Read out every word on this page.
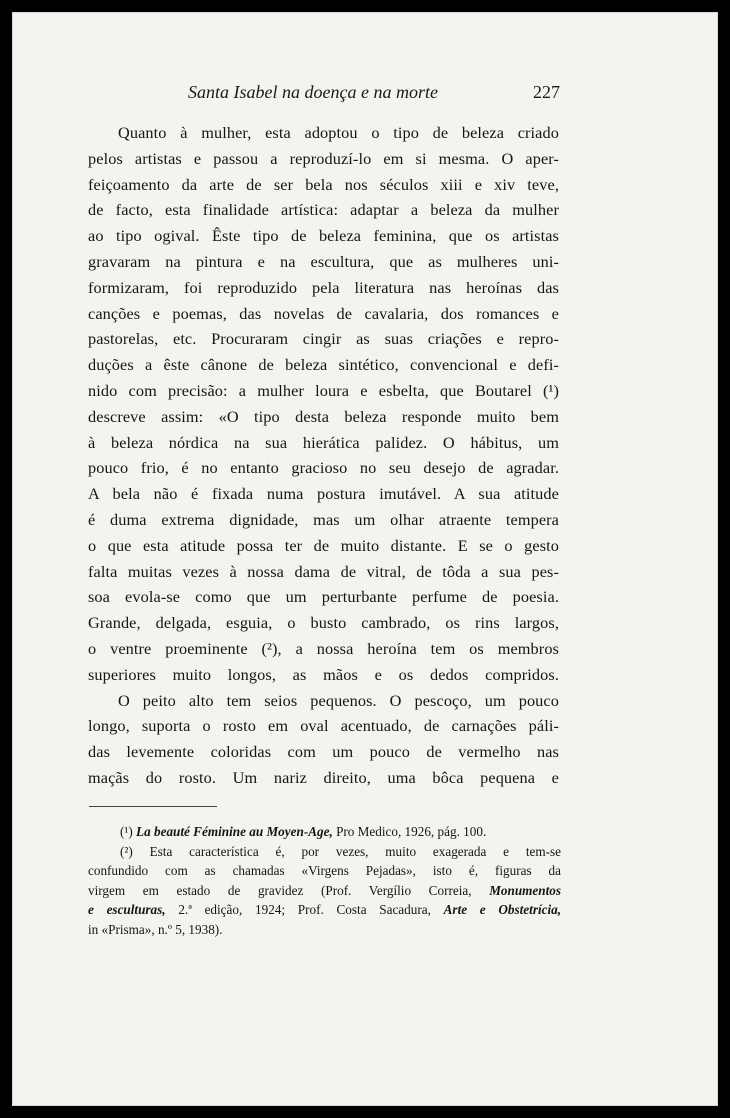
Santa Isabel na doença e na morte	227
Quanto à mulher, esta adoptou o tipo de beleza criado
pelos artistas e passou a reproduzí-lo em si mesma. O aper-
feiçoamento da arte de ser bela nos séculos xiii e xiv teve,
de facto, esta finalidade artística: adaptar a beleza da mulher
ao tipo ogival. Êste tipo de beleza feminina, que os artistas
gravaram na pintura e na escultura, que as mulheres uni-
formizaram, foi reproduzido pela literatura nas heroínas das
canções e poemas, das novelas de cavalaria, dos romances e
pastorelas, etc. Procuraram cingir as suas criações e repro-
duções a êste cânone de beleza sintético, convencional e defi-
nido com precisão: a mulher loura e esbelta, que Boutarel (¹)
descreve assim: «O tipo desta beleza responde muito bem
à beleza nórdica na sua hierática palidez. O hábitus, um
pouco frio, é no entanto gracioso no seu desejo de agradar.
A bela não é fixada numa postura imutável. A sua atitude
é duma extrema dignidade, mas um olhar atraente tempera
o que esta atitude possa ter de muito distante. E se o gesto
falta muitas vezes à nossa dama de vitral, de tôda a sua pes-
soa evola-se como que um perturbante perfume de poesia.
Grande, delgada, esguia, o busto cambrado, os rins largos,
o ventre proeminente (²), a nossa heroína tem os membros
superiores muito longos, as mãos e os dedos compridos.
O peito alto tem seios pequenos. O pescoço, um pouco
longo, suporta o rosto em oval acentuado, de carnações páli-
das levemente coloridas com um pouco de vermelho nas
maçãs do rosto. Um nariz direito, uma bôca pequena e
(¹) La beauté Féminine au Moyen-Age, Pro Medico, 1926, pág. 100.
(²) Esta característica é, por vezes, muito exagerada e tem-se
confundido com as chamadas «Virgens Pejadas», isto é, figuras da
virgem em estado de gravidez (Prof. Vergílio Correia, Monumentos
e esculturas, 2.ª edição, 1924; Prof. Costa Sacadura, Arte e Obstetrícia,
in «Prisma», n.º 5, 1938).
